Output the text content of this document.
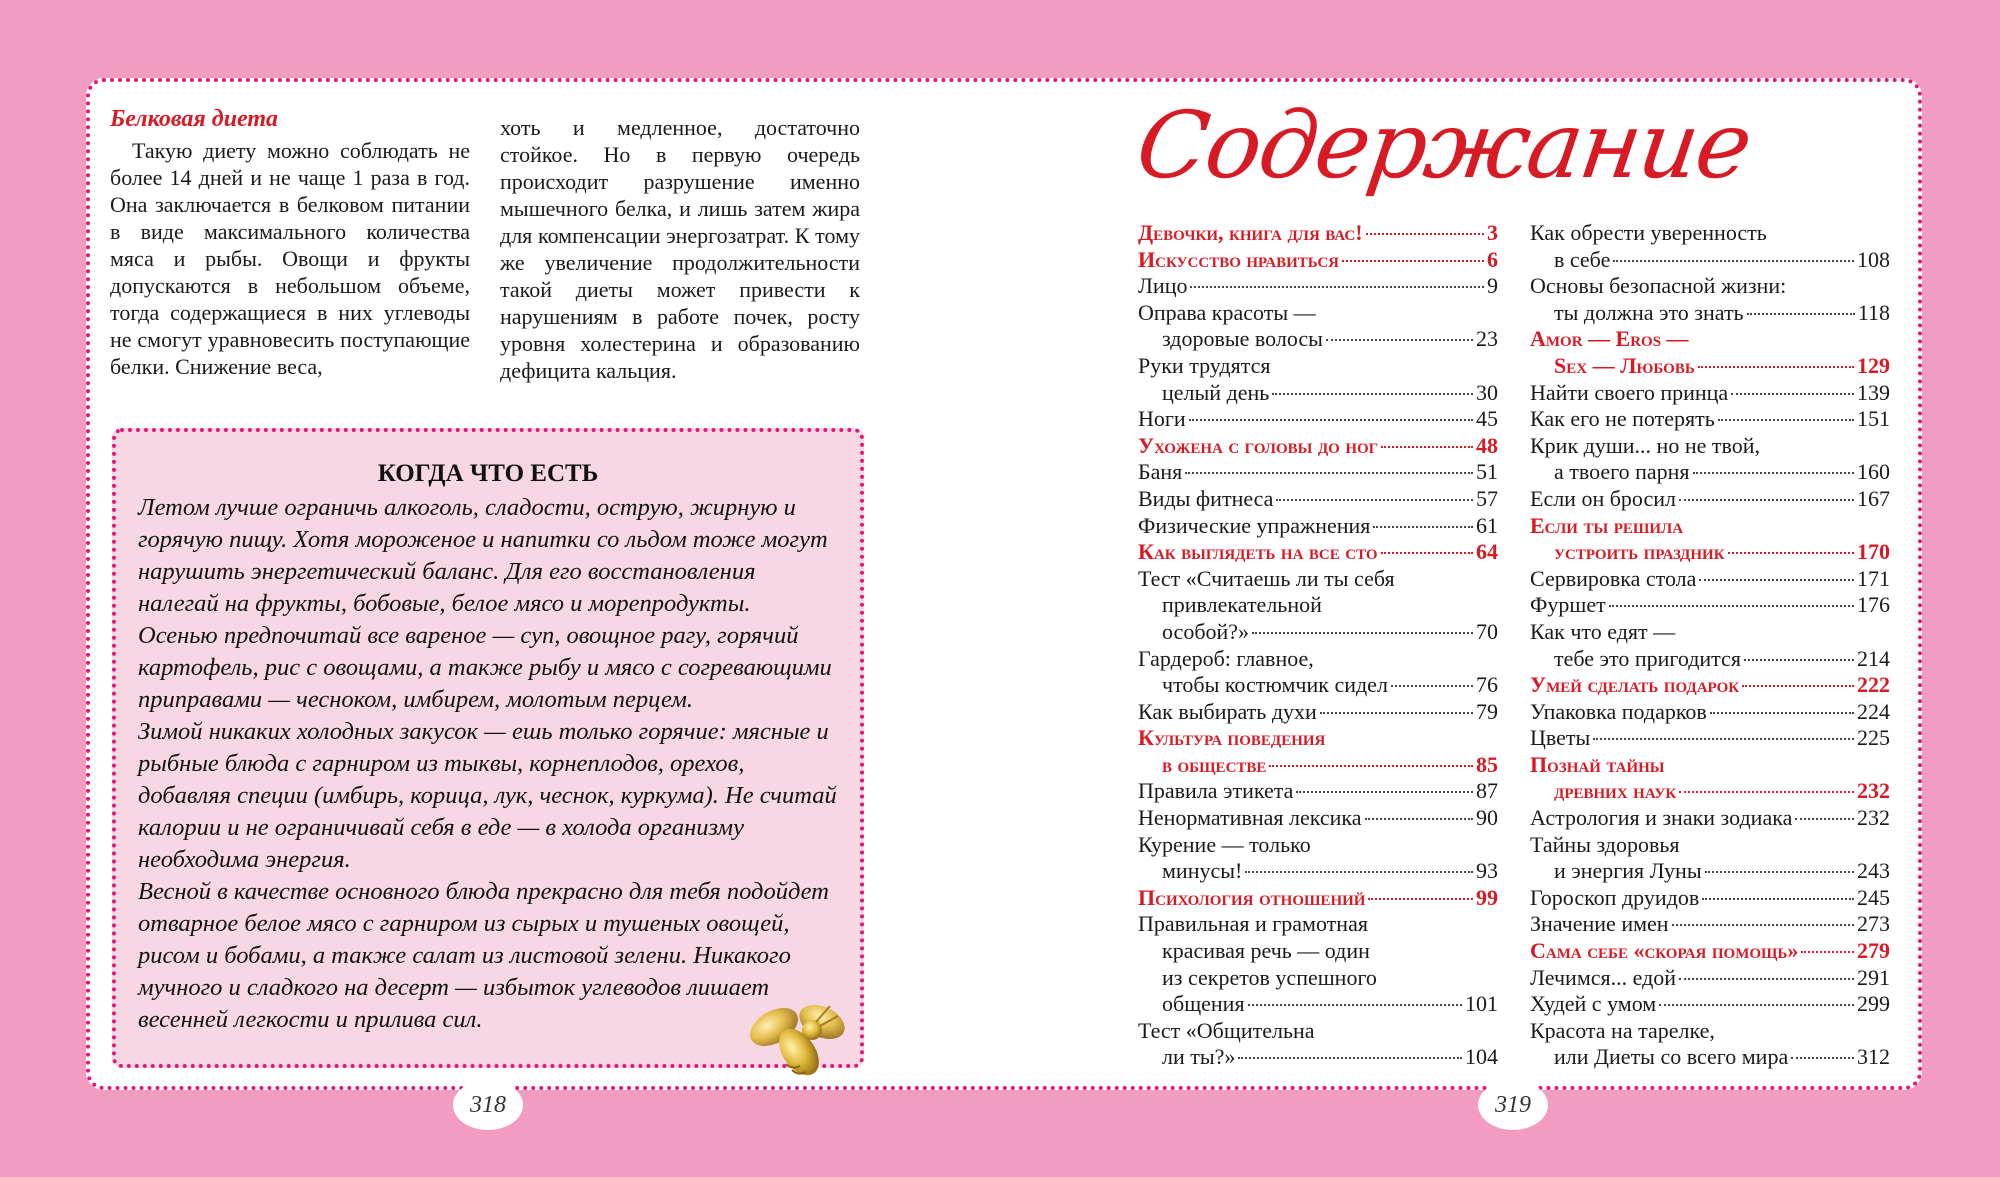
Белковая диета

Такую диету можно соблюдать не более 14 дней и не чаще 1 раза в год. Она заключается в белковом питании в виде максимального количества мяса и рыбы. Овощи и фрукты допускаются в небольшом объеме, тогда содержащиеся в них углеводы не смогут уравновесить поступающие белки. Снижение веса,

хоть и медленное, достаточно стойкое. Но в первую очередь происходит разрушение именно мышечного белка, и лишь затем жира для компенсации энергозатрат. К тому же увеличение продолжительности такой диеты может привести к нарушениям в работе почек, росту уровня холестерина и образованию дефицита кальция.

КОГДА ЧТО ЕСТЬ

Летом лучше ограничь алкоголь, сладости, острую, жирную и горячую пищу. Хотя мороженое и напитки со льдом тоже могут нарушить энергетический баланс. Для его восстановления налегай на фрукты, бобовые, белое мясо и морепродукты.
Осенью предпочитай все вареное — суп, овощное рагу, горячий картофель, рис с овощами, а также рыбу и мясо с согревающими приправами — чесноком, имбирем, молотым перцем.
Зимой никаких холодных закусок — ешь только горячие: мясные и рыбные блюда с гарниром из тыквы, корнеплодов, орехов, добавляя специи (имбирь, корица, лук, чеснок, куркума). Не считай калории и не ограничивай себя в еде — в холода организму необходима энергия.
Весной в качестве основного блюда прекрасно для тебя подойдет отварное белое мясо с гарниром из сырых и тушеных овощей, рисом и бобами, а также салат из листовой зелени. Никакого мучного и сладкого на десерт — избыток углеводов лишает весенней легкости и прилива сил.

318	319
Содержание
Девочки, книга для вас!	3
Искусство нравиться	6
Лицо	9
Оправа красоты —
здоровые волосы	23
Руки трудятся
целый день	30
Ноги	45
Ухожена с головы до ног	48
Баня	51
Виды фитнеса	57
Физические упражнения	61
Как выглядеть на все сто	64
Тест «Считаешь ли ты себя
привлекательной
особой?»	70
Гардероб: главное,
чтобы костюмчик сидел	76
Как выбирать духи	79
Культура поведения
в обществе	85
Правила этикета	87
Ненормативная лексика	90
Курение — только
минусы!	93
Психология отношений	99
Правильная и грамотная
красивая речь — один
из секретов успешного
общения	101
Тест «Общительна
ли ты?»	104
Как обрести уверенность
в себе	108
Основы безопасной жизни:
ты должна это знать	118
Amor — Eros —
Sex — Любовь	129
Найти своего принца	139
Как его не потерять	151
Крик души... но не твой,
а твоего парня	160
Если он бросил	167
Если ты решила
устроить праздник	170
Сервировка стола	171
Фуршет	176
Как что едят —
тебе это пригодится	214
Умей сделать подарок	222
Упаковка подарков	224
Цветы	225
Познай тайны
древних наук	232
Астрология и знаки зодиака	232
Тайны здоровья
и энергия Луны	243
Гороскоп друидов	245
Значение имен	273
Сама себе «скорая помощь»	279
Лечимся... едой	291
Худей с умом	299
Красота на тарелке,
или Диеты со всего мира	312
